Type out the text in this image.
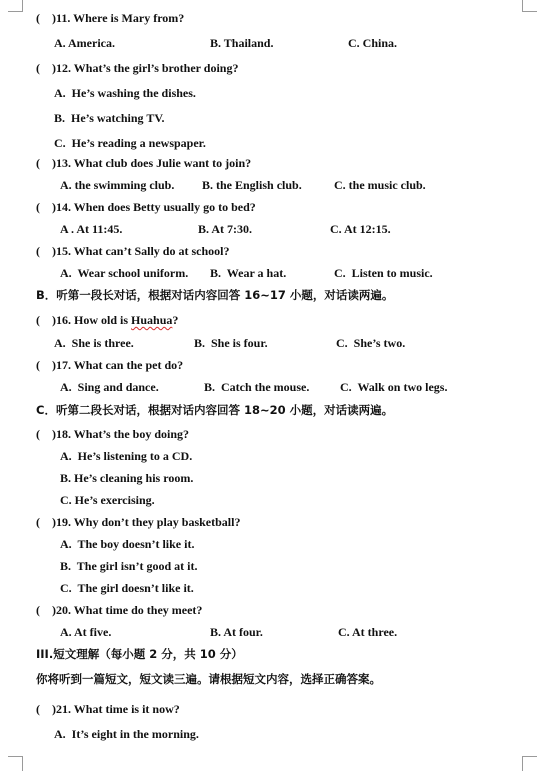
(    )11. Where is Mary from?
A. America.	B. Thailand.	C. China.
(    )12. What’s the girl’s brother doing?
A.  He’s washing the dishes.
B.  He’s watching TV.
C.  He’s reading a newspaper.
(    )13. What club does Julie want to join?
A. the swimming club. B. the English club.	C. the music club.
(    )14. When does Betty usually go to bed?
A . At 11:45.	B. At 7:30.	C. At 12:15.
(    )15. What can’t Sally do at school?
A.  Wear school uniform. B.  Wear a hat.	C.  Listen to music.
B．听第一段长对话，根据对话内容回答 16~17 小题，对话读两遍。
(    )16. How old is Huahua?
A.  She is three.	B.  She is four.	C.  She’s two.
(    )17. What can the pet do?
A.  Sing and dance.	B.  Catch the mouse.	C.  Walk on two legs.
C．听第二段长对话，根据对话内容回答 18~20 小题，对话读两遍。
(    )18. What’s the boy doing?
A.  He’s listening to a CD.
B. He’s cleaning his room.
C. He’s exercising.
(    )19. Why don’t they play basketball?
A.  The boy doesn’t like it.
B.  The girl isn’t good at it.
C.  The girl doesn’t like it.
(    )20. What time do they meet?
A. At five.	B. At four.	C. At three.
III.短文理解（每小题 2 分，共 10 分）
你将听到一篇短文，短文读三遍。请根据短文内容，选择正确答案。
(    )21. What time is it now?
A.  It’s eight in the morning.
